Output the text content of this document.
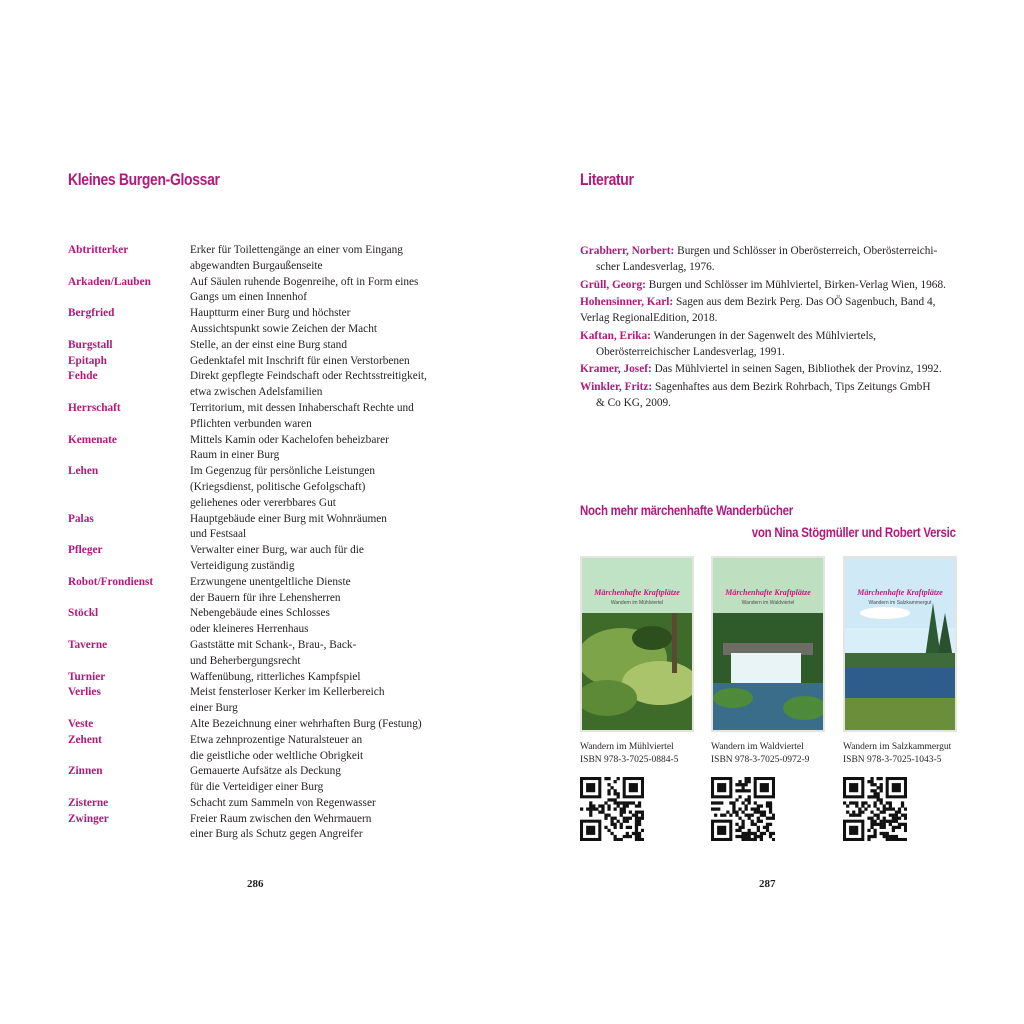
Kleines Burgen-Glossar
Abtritterker	Erker für Toilettengänge an einer vom Eingang
abgewandten Burgaußenseite
Arkaden/Lauben	Auf Säulen ruhende Bogenreihe, oft in Form eines
Gangs um einen Innenhof
Bergfried	Hauptturm einer Burg und höchster
Aussichtspunkt sowie Zeichen der Macht
Burgstall	Stelle, an der einst eine Burg stand
Epitaph	Gedenktafel mit Inschrift für einen Verstorbenen
Fehde	Direkt gepflegte Feindschaft oder Rechtsstreitigkeit,
etwa zwischen Adelsfamilien
Herrschaft	Territorium, mit dessen Inhaberschaft Rechte und
Pflichten verbunden waren
Kemenate	Mittels Kamin oder Kachelofen beheizbarer
Raum in einer Burg
Lehen	Im Gegenzug für persönliche Leistungen
(Kriegsdienst, politische Gefolgschaft)
geliehenes oder vererbbares Gut
Palas	Hauptgebäude einer Burg mit Wohnräumen
und Festsaal
Pfleger	Verwalter einer Burg, war auch für die
Verteidigung zuständig
Robot/Frondienst	Erzwungene unentgeltliche Dienste
der Bauern für ihre Lehensherren
Stöckl	Nebengebäude eines Schlosses
oder kleineres Herrenhaus
Taverne	Gaststätte mit Schank-, Brau-, Back-
und Beherbergungsrecht
Turnier	Waffenübung, ritterliches Kampfspiel
Verlies	Meist fensterloser Kerker im Kellerbereich
einer Burg
Veste	Alte Bezeichnung einer wehrhaften Burg (Festung)
Zehent	Etwa zehnprozentige Naturalsteuer an
die geistliche oder weltliche Obrigkeit
Zinnen	Gemauerte Aufsätze als Deckung
für die Verteidiger einer Burg
Zisterne	Schacht zum Sammeln von Regenwasser
Zwinger	Freier Raum zwischen den Wehrmauern
einer Burg als Schutz gegen Angreifer
286
Literatur
Grabherr, Norbert: Burgen und Schlösser in Oberösterreich, Oberösterreichi-
scher Landesverlag, 1976.
Grüll, Georg: Burgen und Schlösser im Mühlviertel, Birken-Verlag Wien, 1968.
Hohensinner, Karl: Sagen aus dem Bezirk Perg. Das OÖ Sagenbuch, Band 4,
Verlag RegionalEdition, 2018.
Kaftan, Erika: Wanderungen in der Sagenwelt des Mühlviertels,
Oberösterreichischer Landesverlag, 1991.
Kramer, Josef: Das Mühlviertel in seinen Sagen, Bibliothek der Provinz, 1992.
Winkler, Fritz: Sagenhaftes aus dem Bezirk Rohrbach, Tips Zeitungs GmbH
& Co KG, 2009.
Noch mehr märchenhafte Wanderbücher
von Nina Stögmüller und Robert Versic
Märchenhafte Kraftplätze
Wandern im Mühlviertel
Wandern im Mühlviertel
ISBN 978-3-7025-0884-5
Märchenhafte Kraftplätze
Wandern im Waldviertel
Wandern im Waldviertel
ISBN 978-3-7025-0972-9
Märchenhafte Kraftplätze
Wandern im Salzkammergut
Wandern im Salzkammergut
ISBN 978-3-7025-1043-5
287
